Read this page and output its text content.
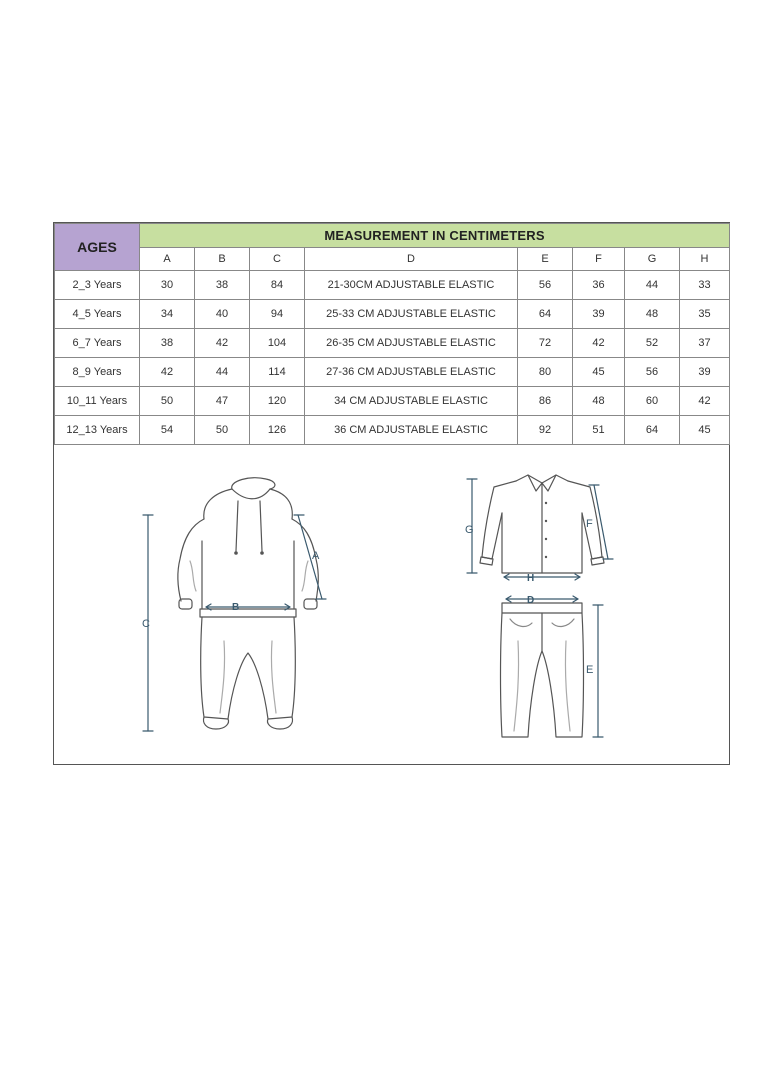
AGES	MEASUREMENT IN CENTIMETERS							
	A	B	C	D	E	F	G	H
2_3 Years	30	38	84	21-30CM ADJUSTABLE ELASTIC	56	36	44	33
4_5 Years	34	40	94	25-33 CM ADJUSTABLE ELASTIC	64	39	48	35
6_7 Years	38	42	104	26-35 CM ADJUSTABLE ELASTIC	72	42	52	37
8_9 Years	42	44	114	27-36 CM ADJUSTABLE ELASTIC	80	45	56	39
10_11 Years	50	47	120	34 CM ADJUSTABLE ELASTIC	86	48	60	42
12_13 Years	54	50	126	36 CM ADJUSTABLE ELASTIC	92	51	64	45
A
B
C
G	F
H
D
E
